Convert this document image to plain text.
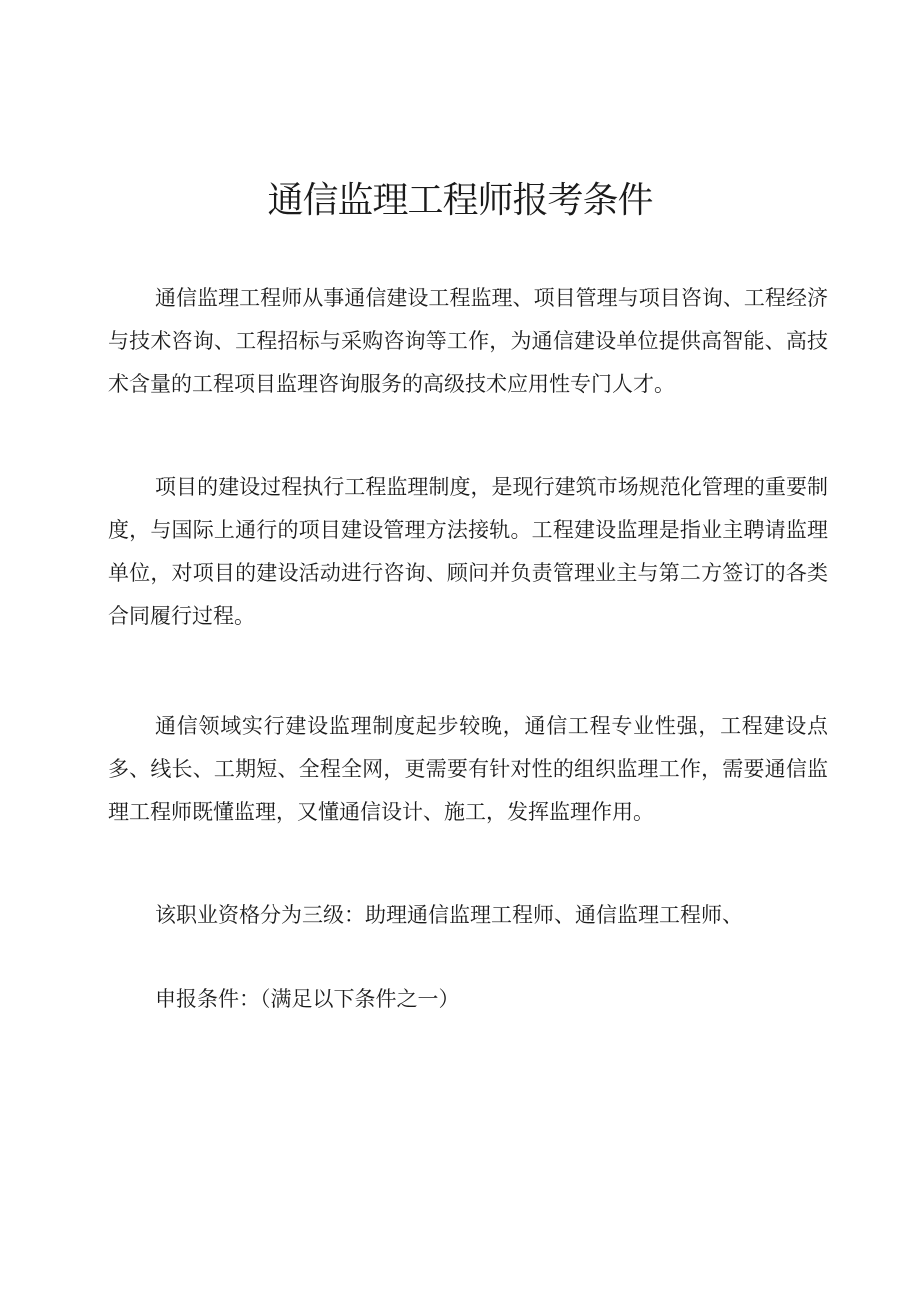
通信监理工程师报考条件

通信监理工程师从事通信建设工程监理、项目管理与项目咨询、工程经济与技术咨询、工程招标与采购咨询等工作，为通信建设单位提供高智能、高技术含量的工程项目监理咨询服务的高级技术应用性专门人才。

项目的建设过程执行工程监理制度，是现行建筑市场规范化管理的重要制度，与国际上通行的项目建设管理方法接轨。工程建设监理是指业主聘请监理单位，对项目的建设活动进行咨询、顾问并负责管理业主与第二方签订的各类合同履行过程。

通信领域实行建设监理制度起步较晚，通信工程专业性强，工程建设点多、线长、工期短、全程全网，更需要有针对性的组织监理工作，需要通信监理工程师既懂监理，又懂通信设计、施工，发挥监理作用。

该职业资格分为三级：助理通信监理工程师、通信监理工程师、

申报条件：（满足以下条件之一）
